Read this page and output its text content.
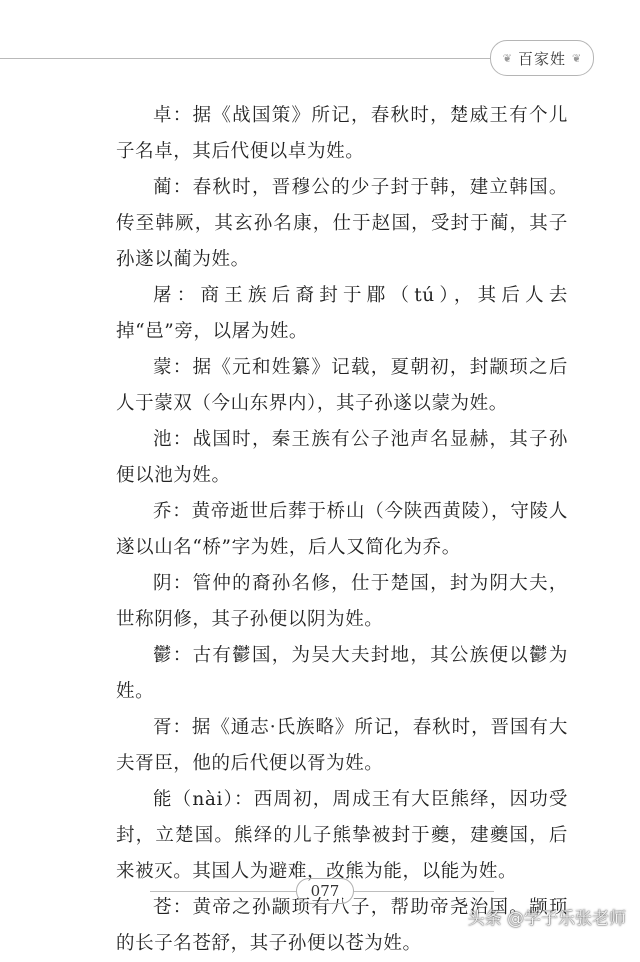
❦ 百家姓 ❦

卓：据《战国策》所记，春秋时，楚威王有个儿子名卓，其后代便以卓为姓。

蔺：春秋时，晋穆公的少子封于韩，建立韩国。传至韩厥，其玄孙名康，仕于赵国，受封于蔺，其子孙遂以蔺为姓。

屠：商王族后裔封于郿（tú），其后人去掉“邑”旁，以屠为姓。

蒙：据《元和姓纂》记载，夏朝初，封颛顼之后人于蒙双（今山东界内），其子孙遂以蒙为姓。

池：战国时，秦王族有公子池声名显赫，其子孙便以池为姓。

乔：黄帝逝世后葬于桥山（今陕西黄陵），守陵人遂以山名“桥”字为姓，后人又简化为乔。

阴：管仲的裔孙名修，仕于楚国，封为阴大夫，世称阴修，其子孙便以阴为姓。

鬱：古有鬱国，为吴大夫封地，其公族便以鬱为姓。

胥：据《通志·氏族略》所记，春秋时，晋国有大夫胥臣，他的后代便以胥为姓。

能（nài）：西周初，周成王有大臣熊绎，因功受封，立楚国。熊绎的儿子熊挚被封于夔，建夔国，后来被灭。其国人为避难，改熊为能，以能为姓。

苍：黄帝之孙颛顼有八子，帮助帝尧治国。颛顼的长子名苍舒，其子孙便以苍为姓。

077
头条 @学子乐张老师
